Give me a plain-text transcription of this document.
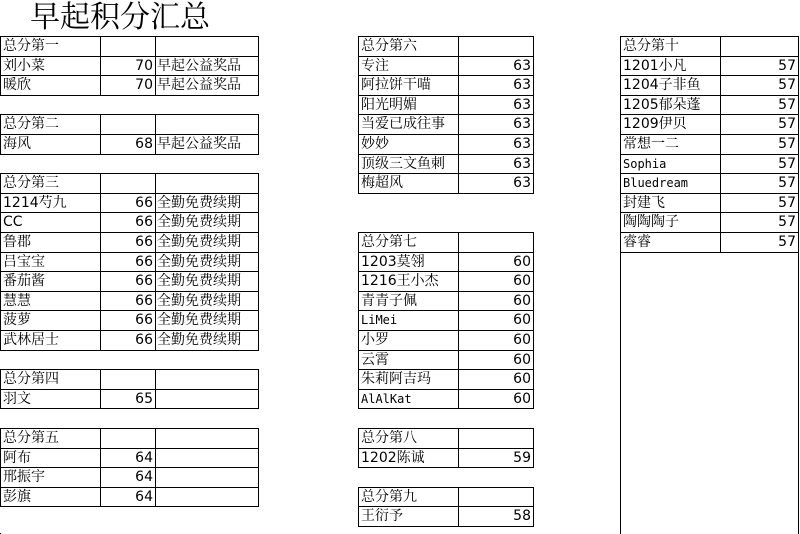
早起积分汇总
总分第一
刘小菜	70 早起公益奖品
暖欣	70 早起公益奖品
总分第二
海风	68 早起公益奖品
总分第三
1214芍九	66 全勤免费续期
CC	66 全勤免费续期
鲁郡	66 全勤免费续期
吕宝宝	66 全勤免费续期
番茄酱	66 全勤免费续期
慧慧	66 全勤免费续期
菠萝	66 全勤免费续期
武林居士	66 全勤免费续期
总分第四
羽文	65
总分第五
阿布	64
邢振宇	64
彭旗	64
总分第六
专注	63
阿拉饼干喵	63
阳光明媚	63
当爱已成往事	63
妙妙	63
顶级三文鱼刺	63
梅超风	63
总分第七
1203莫翎	60
1216王小杰	60
青青子佩	60
LiMei	60
小罗	60
云霄	60
朱莉阿吉玛	60
AlAlKat	60
总分第八
1202陈诚	59
总分第九
王衍予	58
总分第十
1201小凡	57
1204子非鱼	57
1205郁朵蓬	57
1209伊贝	57
常想一二	57
Sophia	57
Bluedream	57
封建飞	57
陶陶陶子	57
睿睿	57
